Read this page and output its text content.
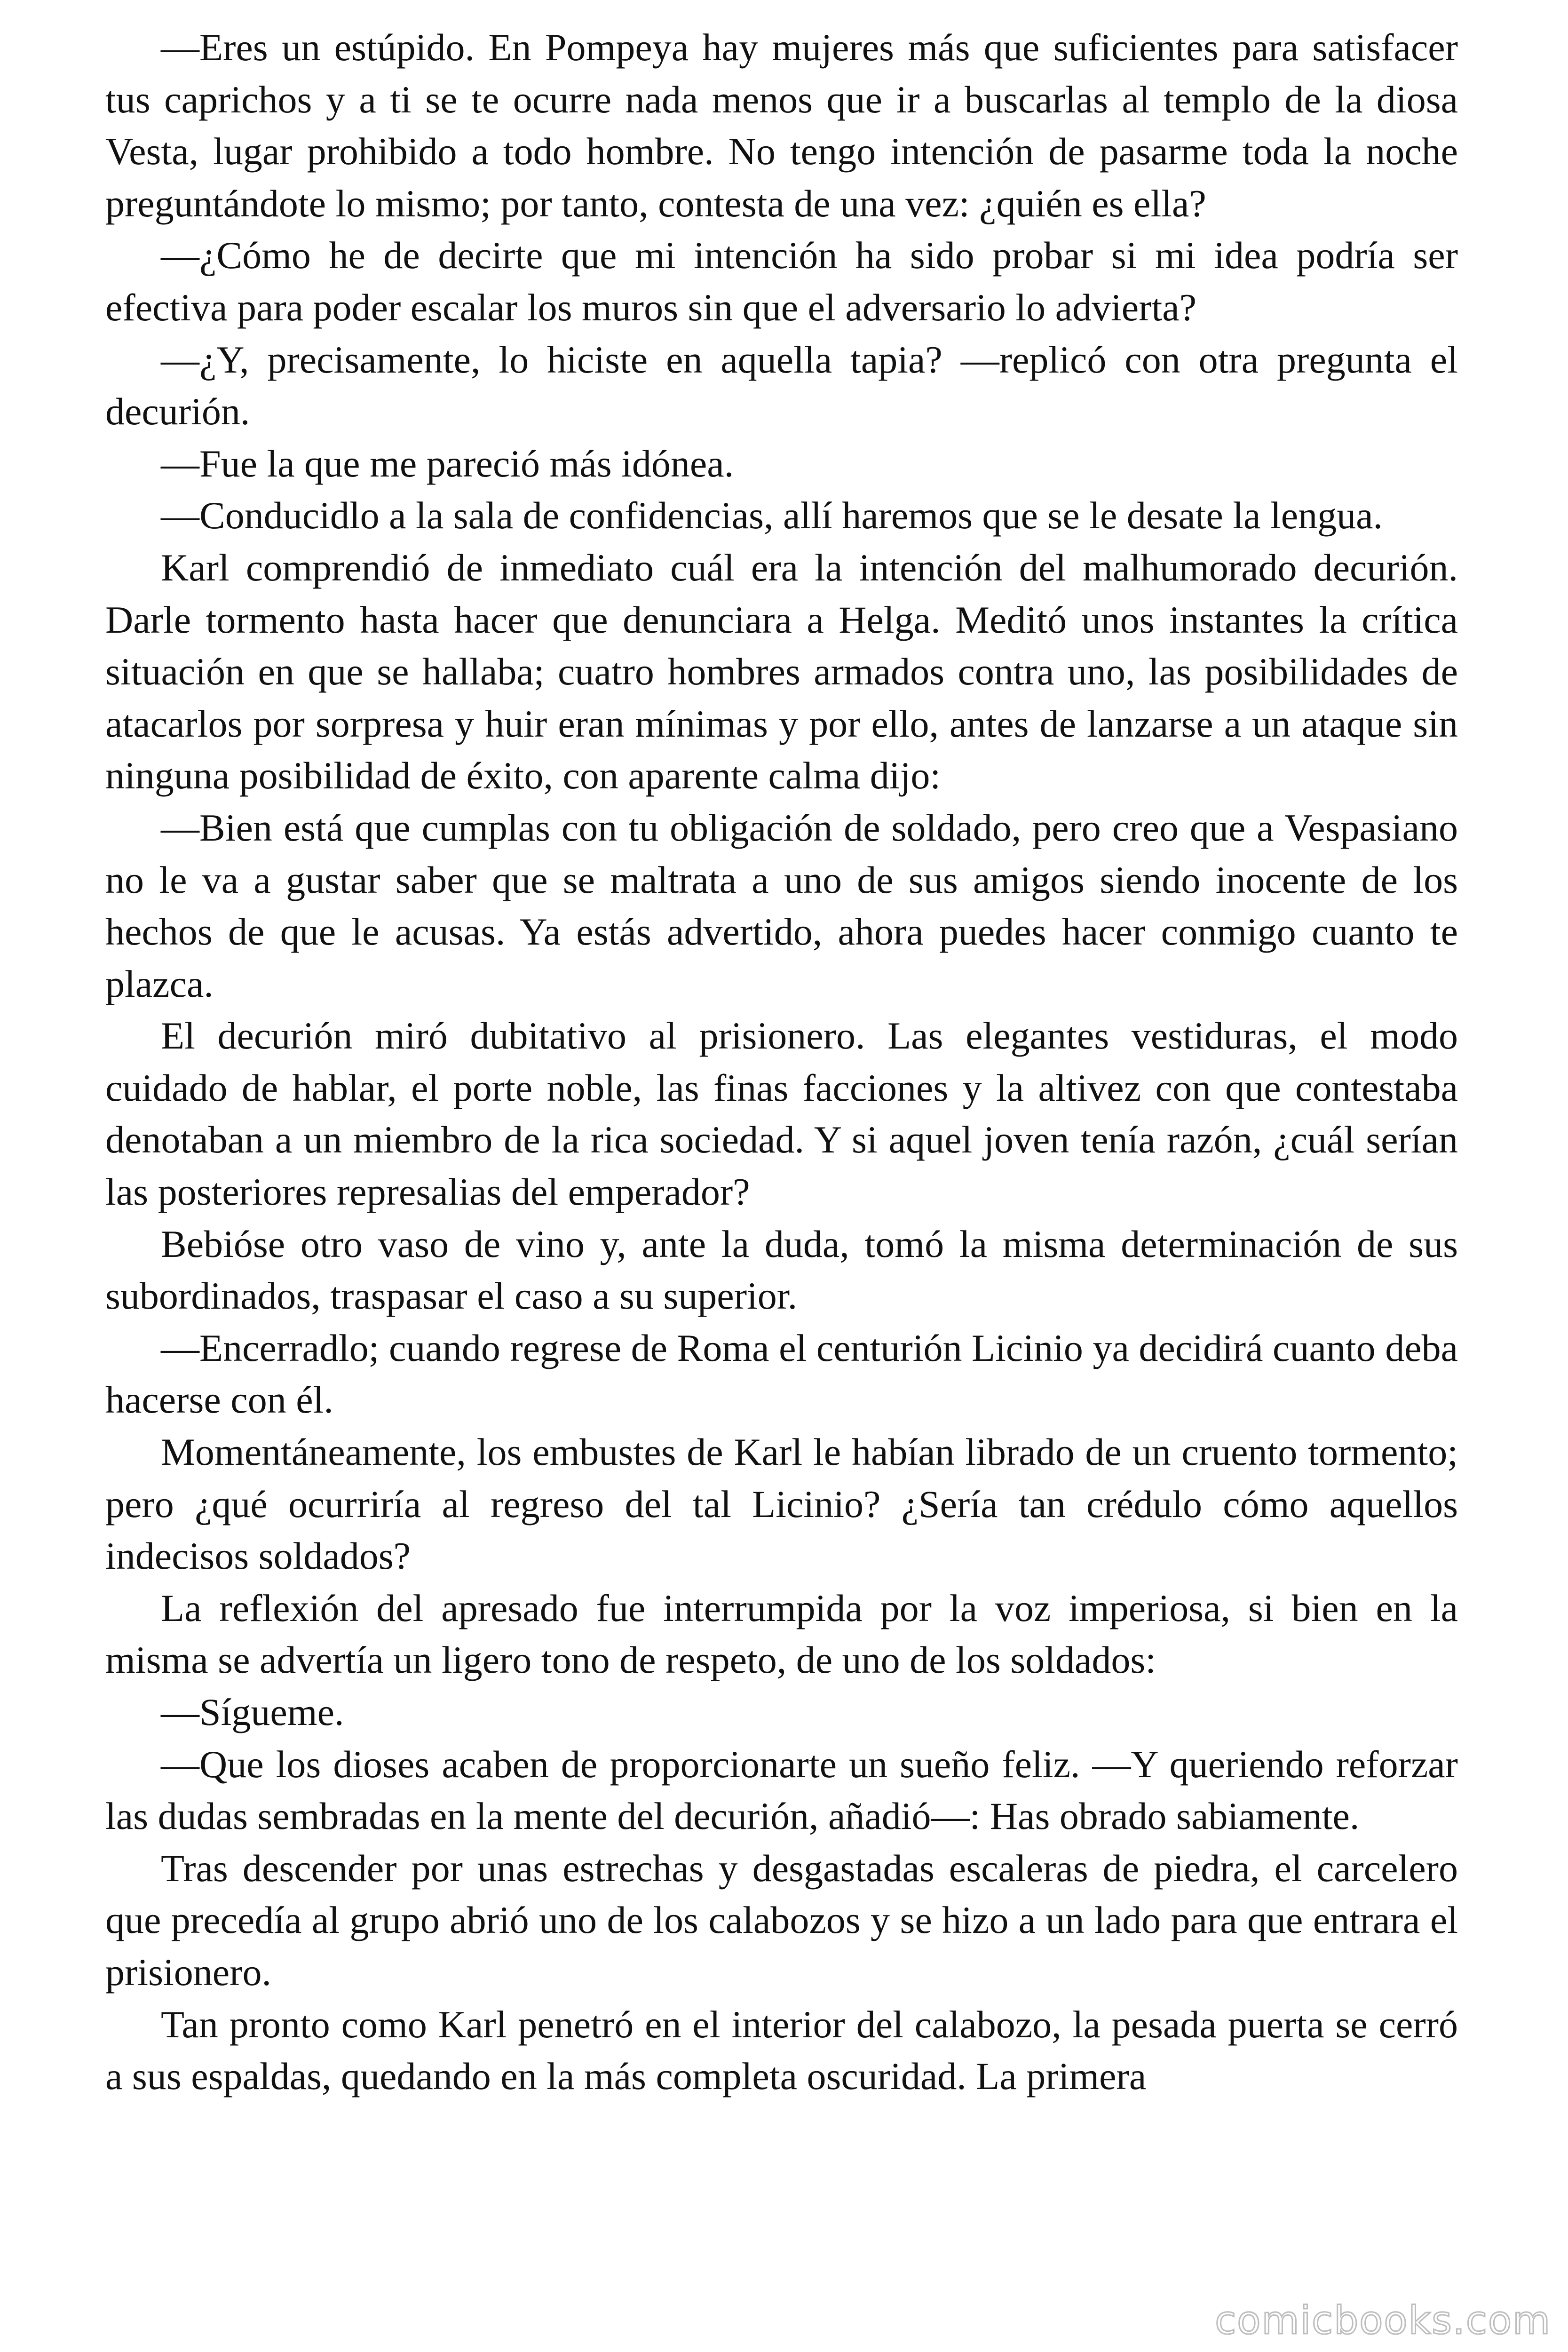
—Eres un estúpido. En Pompeya hay mujeres más que suficientes para satisfacer tus caprichos y a ti se te ocurre nada menos que ir a buscarlas al templo de la diosa Vesta, lugar prohibido a todo hombre. No tengo intención de pasarme toda la noche preguntándote lo mismo; por tanto, contesta de una vez: ¿quién es ella?

—¿Cómo he de decirte que mi intención ha sido probar si mi idea podría ser efectiva para poder escalar los muros sin que el adversario lo advierta?

—¿Y, precisamente, lo hiciste en aquella tapia? —replicó con otra pregunta el decurión.

—Fue la que me pareció más idónea.

—Conducidlo a la sala de confidencias, allí haremos que se le desate la lengua.

Karl comprendió de inmediato cuál era la intención del malhumorado decurión. Darle tormento hasta hacer que denunciara a Helga. Meditó unos instantes la crítica situación en que se hallaba; cuatro hombres armados contra uno, las posibilidades de atacarlos por sorpresa y huir eran mínimas y por ello, antes de lanzarse a un ataque sin ninguna posibilidad de éxito, con aparente calma dijo:

—Bien está que cumplas con tu obligación de soldado, pero creo que a Vespasiano no le va a gustar saber que se maltrata a uno de sus amigos siendo inocente de los hechos de que le acusas. Ya estás advertido, ahora puedes hacer conmigo cuanto te plazca.

El decurión miró dubitativo al prisionero. Las elegantes vestiduras, el modo cuidado de hablar, el porte noble, las finas facciones y la altivez con que contestaba denotaban a un miembro de la rica sociedad. Y si aquel joven tenía razón, ¿cuál serían las posteriores represalias del emperador?

Bebióse otro vaso de vino y, ante la duda, tomó la misma determinación de sus subordinados, traspasar el caso a su superior.

—Encerradlo; cuando regrese de Roma el centurión Licinio ya decidirá cuanto deba hacerse con él.

Momentáneamente, los embustes de Karl le habían librado de un cruento tormento; pero ¿qué ocurriría al regreso del tal Licinio? ¿Sería tan crédulo cómo aquellos indecisos soldados?

La reflexión del apresado fue interrumpida por la voz imperiosa, si bien en la misma se advertía un ligero tono de respeto, de uno de los soldados:

—Sígueme.

—Que los dioses acaben de proporcionarte un sueño feliz. —Y queriendo reforzar las dudas sembradas en la mente del decurión, añadió—: Has obrado sabiamente.

Tras descender por unas estrechas y desgastadas escaleras de piedra, el carcelero que precedía al grupo abrió uno de los calabozos y se hizo a un lado para que entrara el prisionero.

Tan pronto como Karl penetró en el interior del calabozo, la pesada puerta se cerró a sus espaldas, quedando en la más completa oscuridad. La primera

comicbooks.com
